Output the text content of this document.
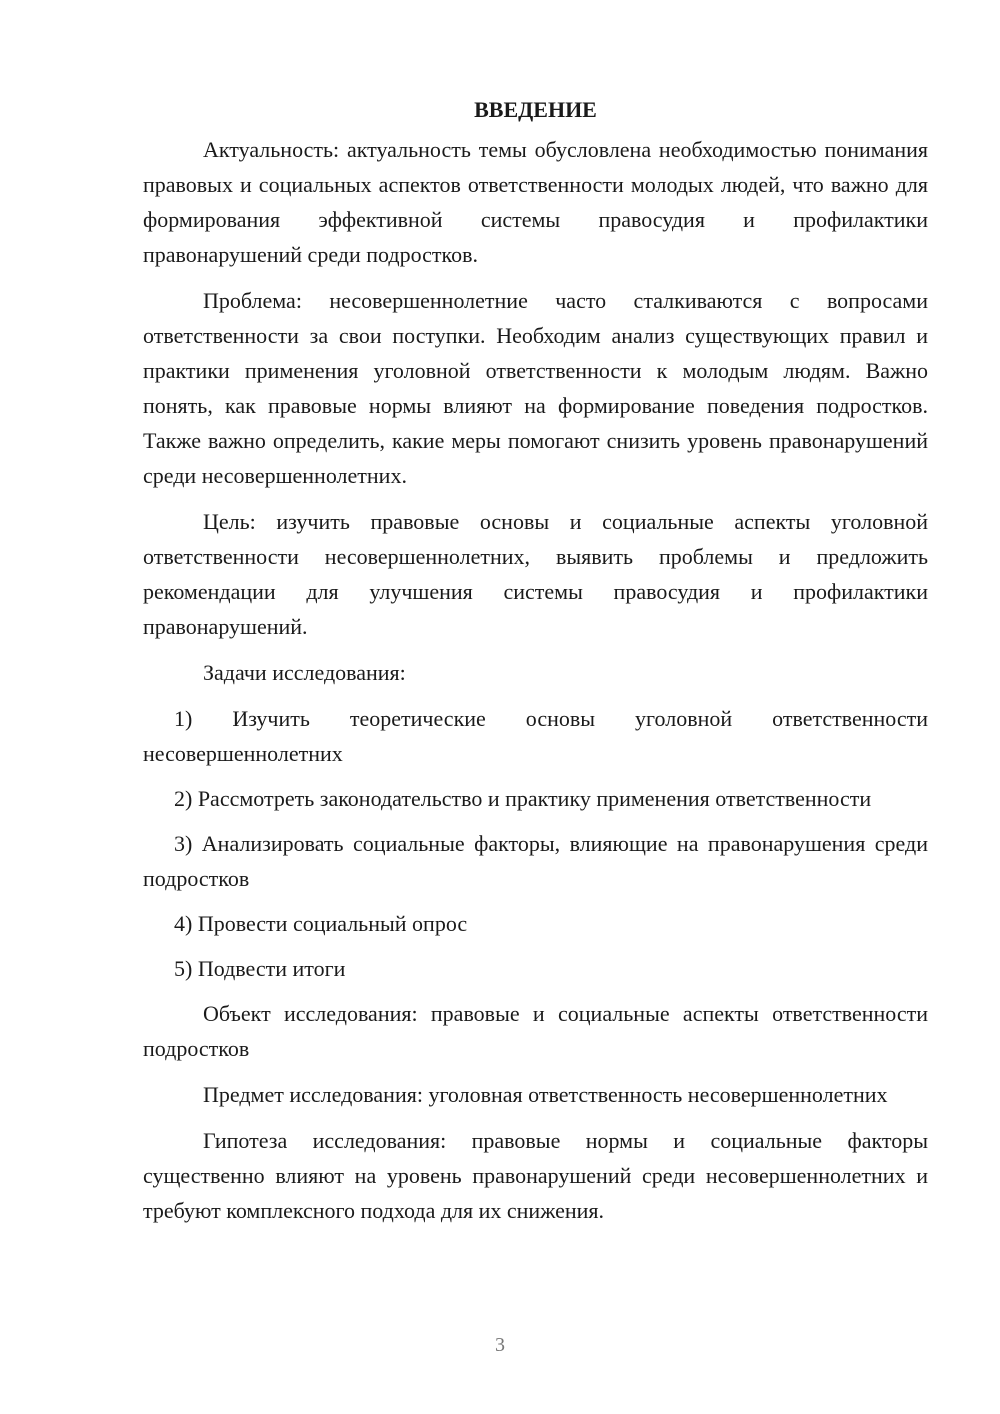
ВВЕДЕНИЕ

Актуальность: актуальность темы обусловлена необходимостью понимания правовых и социальных аспектов ответственности молодых людей, что важно для формирования эффективной системы правосудия и профилактики правонарушений среди подростков.

Проблема: несовершеннолетние часто сталкиваются с вопросами ответственности за свои поступки. Необходим анализ существующих правил и практики применения уголовной ответственности к молодым людям. Важно понять, как правовые нормы влияют на формирование поведения подростков. Также важно определить, какие меры помогают снизить уровень правонарушений среди несовершеннолетних.

Цель: изучить правовые основы и социальные аспекты уголовной ответственности несовершеннолетних, выявить проблемы и предложить рекомендации для улучшения системы правосудия и профилактики правонарушений.

Задачи исследования:

1) Изучить теоретические основы уголовной ответственности несовершеннолетних

2) Рассмотреть законодательство и практику применения ответственности

3) Анализировать социальные факторы, влияющие на правонарушения среди подростков

4) Провести социальный опрос

5) Подвести итоги

Объект исследования: правовые и социальные аспекты ответственности подростков

Предмет исследования: уголовная ответственность несовершеннолетних

Гипотеза исследования: правовые нормы и социальные факторы существенно влияют на уровень правонарушений среди несовершеннолетних и требуют комплексного подхода для их снижения.

3
